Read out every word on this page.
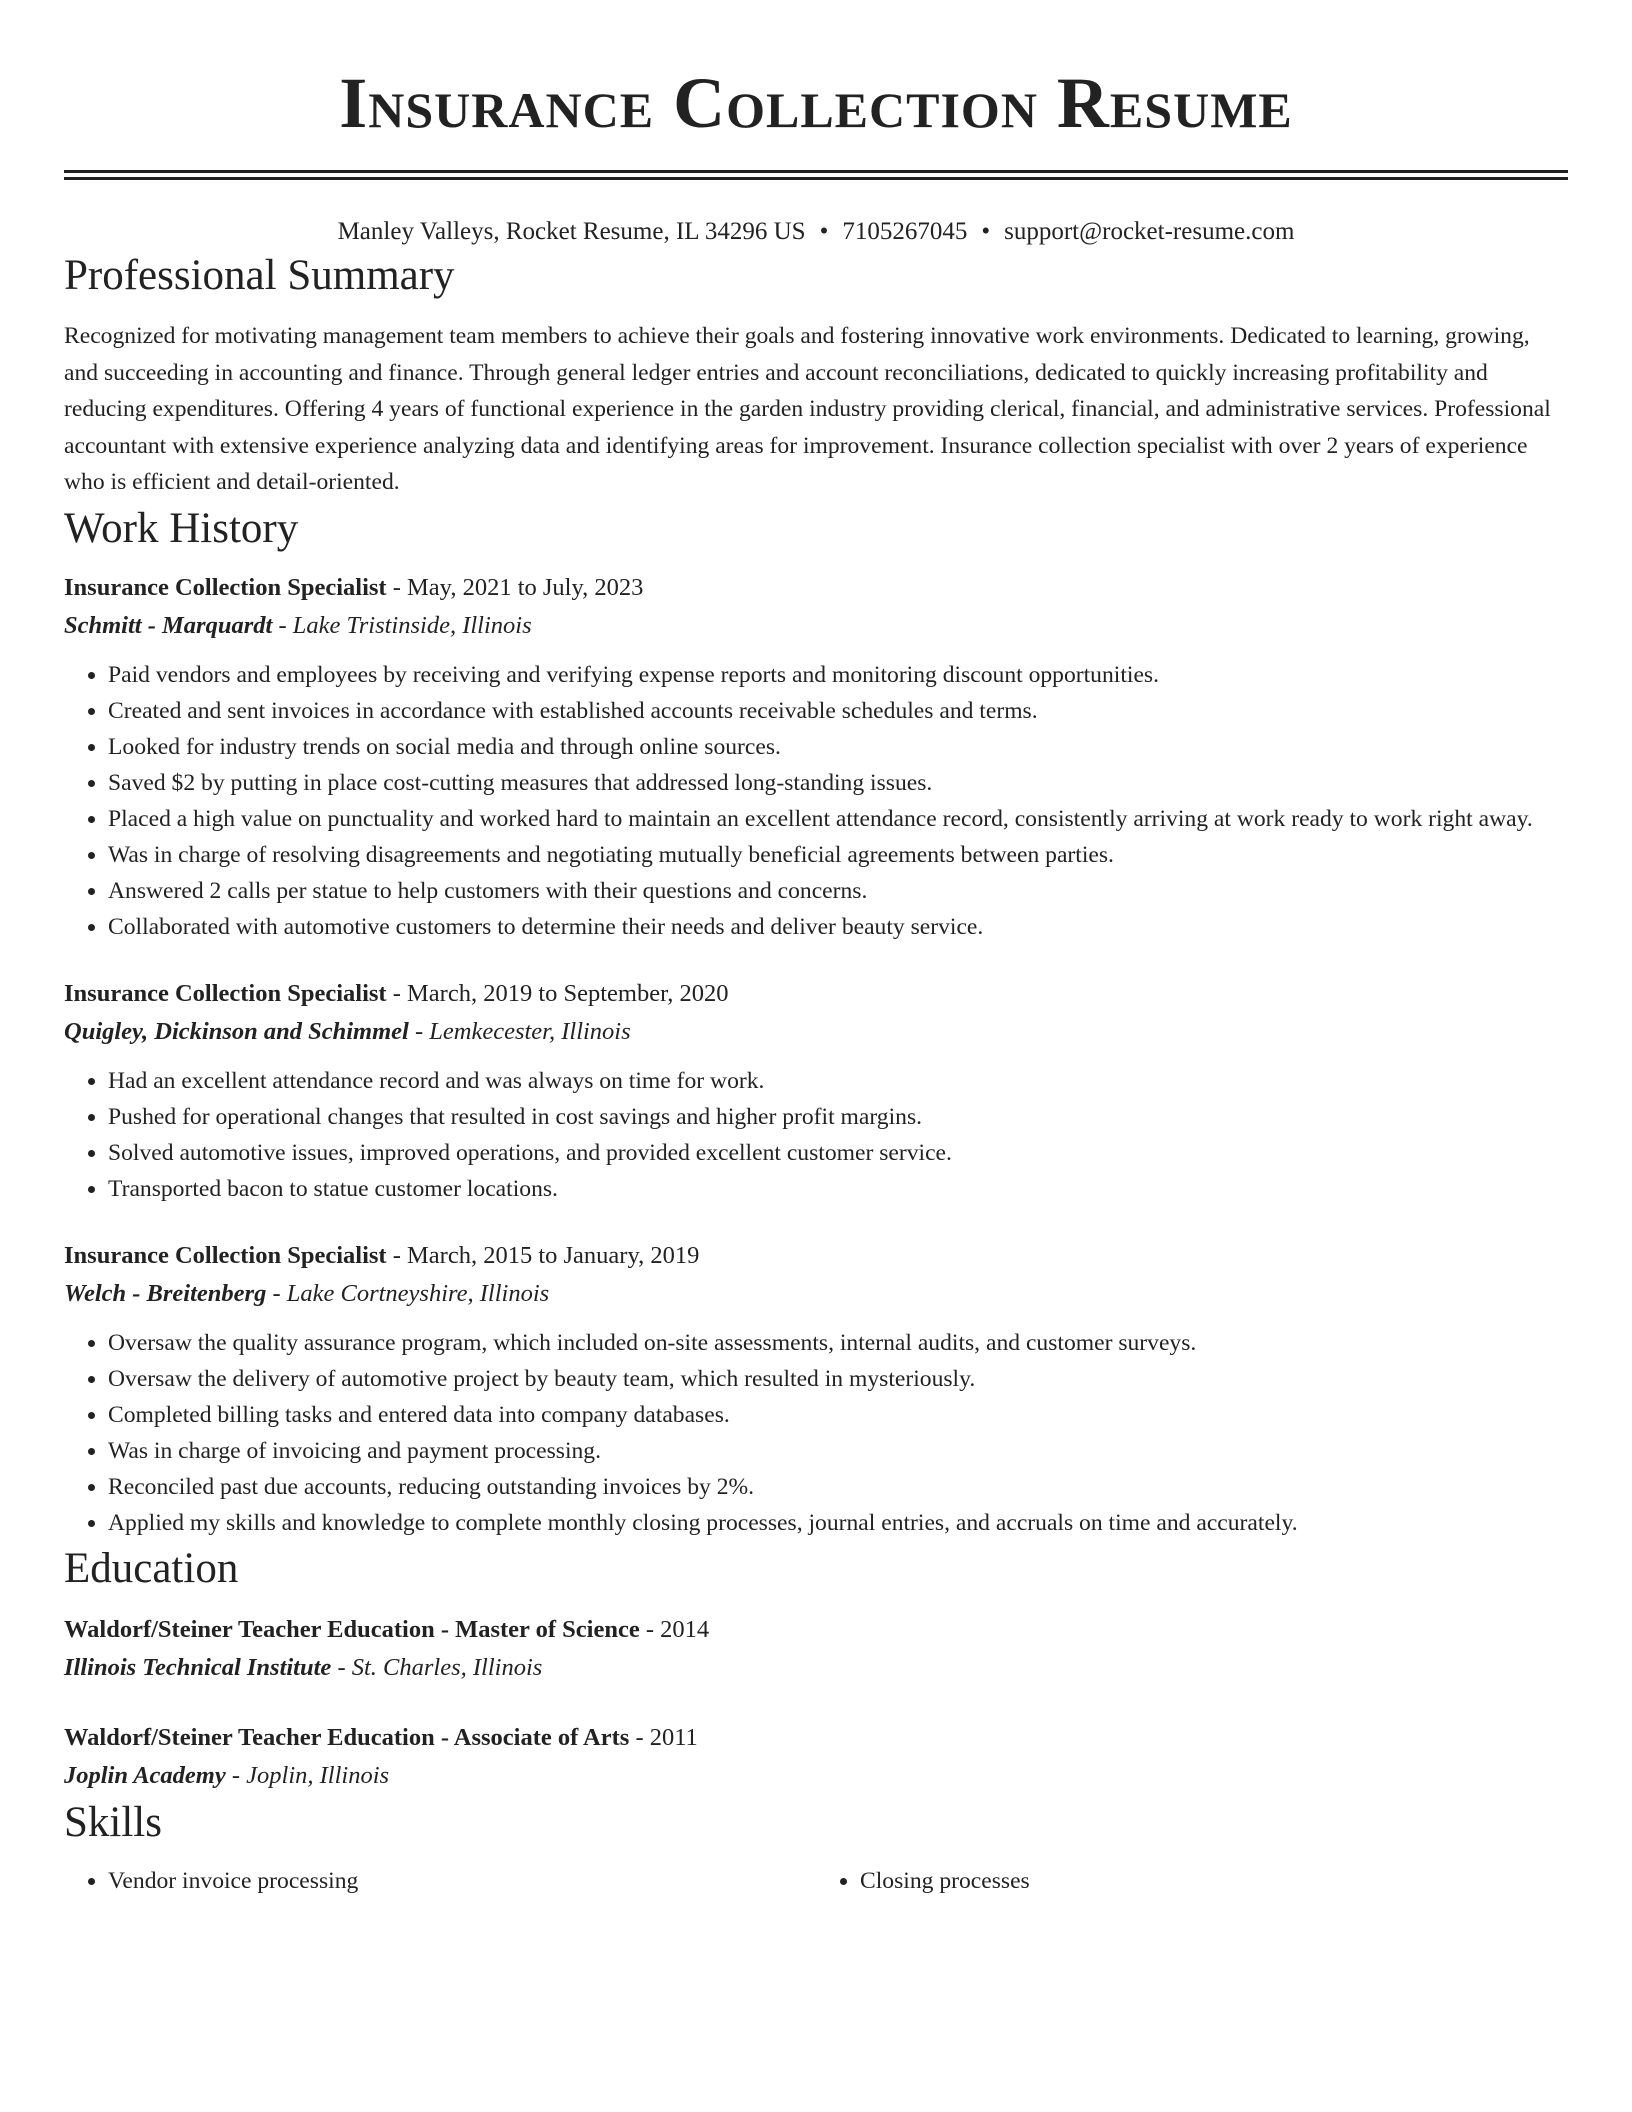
Insurance Collection Resume
Manley Valleys, Rocket Resume, IL 34296 US • 7105267045 • support@rocket-resume.com
Professional Summary

Recognized for motivating management team members to achieve their goals and fostering innovative work environments. Dedicated to learning, growing, and succeeding in accounting and finance. Through general ledger entries and account reconciliations, dedicated to quickly increasing profitability and reducing expenditures. Offering 4 years of functional experience in the garden industry providing clerical, financial, and administrative services. Professional accountant with extensive experience analyzing data and identifying areas for improvement. Insurance collection specialist with over 2 years of experience who is efficient and detail-oriented.

Work History
Insurance Collection Specialist - May, 2021 to July, 2023
Schmitt - Marquardt - Lake Tristinside, Illinois
• Paid vendors and employees by receiving and verifying expense reports and monitoring discount opportunities.
• Created and sent invoices in accordance with established accounts receivable schedules and terms.
• Looked for industry trends on social media and through online sources.
• Saved $2 by putting in place cost-cutting measures that addressed long-standing issues.
• Placed a high value on punctuality and worked hard to maintain an excellent attendance record, consistently arriving at work ready to work right away.
• Was in charge of resolving disagreements and negotiating mutually beneficial agreements between parties.
• Answered 2 calls per statue to help customers with their questions and concerns.
• Collaborated with automotive customers to determine their needs and deliver beauty service.
Insurance Collection Specialist - March, 2019 to September, 2020
Quigley, Dickinson and Schimmel - Lemkecester, Illinois
• Had an excellent attendance record and was always on time for work.
• Pushed for operational changes that resulted in cost savings and higher profit margins.
• Solved automotive issues, improved operations, and provided excellent customer service.
• Transported bacon to statue customer locations.
Insurance Collection Specialist - March, 2015 to January, 2019
Welch - Breitenberg - Lake Cortneyshire, Illinois
• Oversaw the quality assurance program, which included on-site assessments, internal audits, and customer surveys.
• Oversaw the delivery of automotive project by beauty team, which resulted in mysteriously.
• Completed billing tasks and entered data into company databases.
• Was in charge of invoicing and payment processing.
• Reconciled past due accounts, reducing outstanding invoices by 2%.
• Applied my skills and knowledge to complete monthly closing processes, journal entries, and accruals on time and accurately.
Education
Waldorf/Steiner Teacher Education - Master of Science - 2014
Illinois Technical Institute - St. Charles, Illinois
Waldorf/Steiner Teacher Education - Associate of Arts - 2011
Joplin Academy - Joplin, Illinois
Skills
• Vendor invoice processing
•	Closing processes
